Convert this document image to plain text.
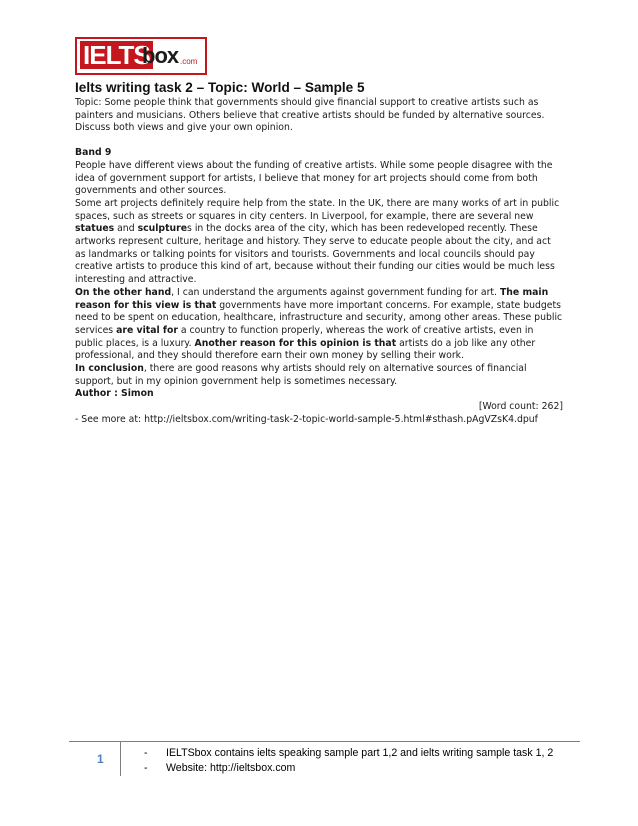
IELTS
box .com
Ielts writing task 2 – Topic: World – Sample 5

Topic: Some people think that governments should give financial support to creative artists such as painters and musicians. Others believe that creative artists should be funded by alternative sources. Discuss both views and give your own opinion.

Band 9

People have different views about the funding of creative artists. While some people disagree with the idea of government support for artists, I believe that money for art projects should come from both governments and other sources.

Some art projects definitely require help from the state. In the UK, there are many works of art in public spaces, such as streets or squares in city centers. In Liverpool, for example, there are several new statues and sculptures in the docks area of the city, which has been redeveloped recently. These artworks represent culture, heritage and history. They serve to educate people about the city, and act as landmarks or talking points for visitors and tourists. Governments and local councils should pay creative artists to produce this kind of art, because without their funding our cities would be much less interesting and attractive.

On the other hand, I can understand the arguments against government funding for art. The main reason for this view is that governments have more important concerns. For example, state budgets need to be spent on education, healthcare, infrastructure and security, among other areas. These public services are vital for a country to function properly, whereas the work of creative artists, even in public places, is a luxury. Another reason for this opinion is that artists do a job like any other professional, and they should therefore earn their own money by selling their work.

In conclusion, there are good reasons why artists should rely on alternative sources of financial support, but in my opinion government help is sometimes necessary.

Author : Simon

[Word count: 262]

- See more at: http://ieltsbox.com/writing-task-2-topic-world-sample-5.html#sthash.pAgVZsK4.dpuf

1	- IELTSbox contains ielts speaking sample part 1,2 and ielts writing sample task 1, 2
- Website: http://ieltsbox.com
